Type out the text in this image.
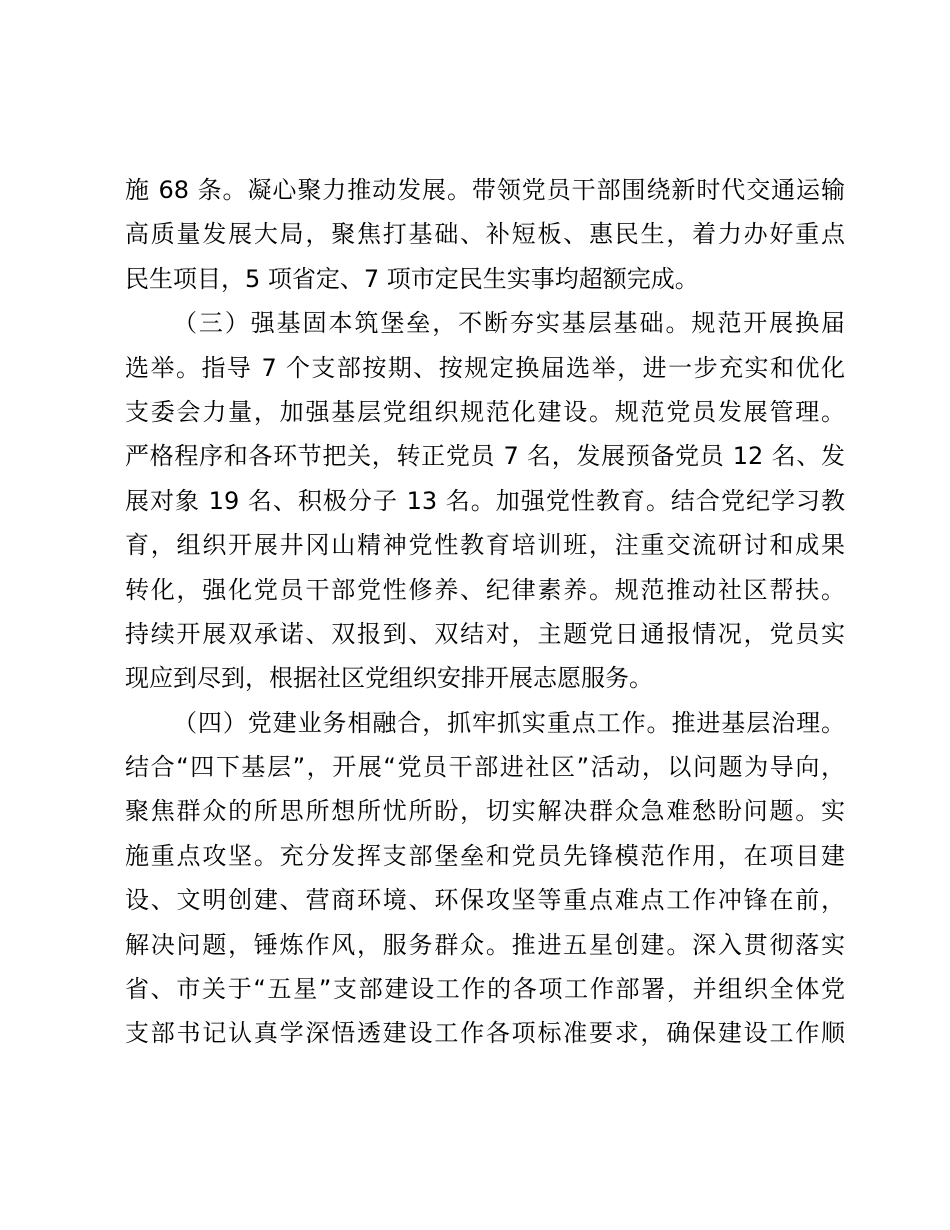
施 68 条。凝心聚力推动发展。带领党员干部围绕新时代交通运输
高质量发展大局，聚焦打基础、补短板、惠民生，着力办好重点
民生项目，5 项省定、7 项市定民生实事均超额完成。
（三）强基固本筑堡垒，不断夯实基层基础。规范开展换届
选举。指导 7 个支部按期、按规定换届选举，进一步充实和优化
支委会力量，加强基层党组织规范化建设。规范党员发展管理。
严格程序和各环节把关，转正党员 7 名，发展预备党员 12 名、发
展对象 19 名、积极分子 13 名。加强党性教育。结合党纪学习教
育，组织开展井冈山精神党性教育培训班，注重交流研讨和成果
转化，强化党员干部党性修养、纪律素养。规范推动社区帮扶。
持续开展双承诺、双报到、双结对，主题党日通报情况，党员实
现应到尽到，根据社区党组织安排开展志愿服务。
（四）党建业务相融合，抓牢抓实重点工作。推进基层治理。
结合“四下基层”，开展“党员干部进社区”活动，以问题为导向，
聚焦群众的所思所想所忧所盼，切实解决群众急难愁盼问题。实
施重点攻坚。充分发挥支部堡垒和党员先锋模范作用，在项目建
设、文明创建、营商环境、环保攻坚等重点难点工作冲锋在前，
解决问题，锤炼作风，服务群众。推进五星创建。深入贯彻落实
省、市关于“五星”支部建设工作的各项工作部署，并组织全体党
支部书记认真学深悟透建设工作各项标准要求，确保建设工作顺
